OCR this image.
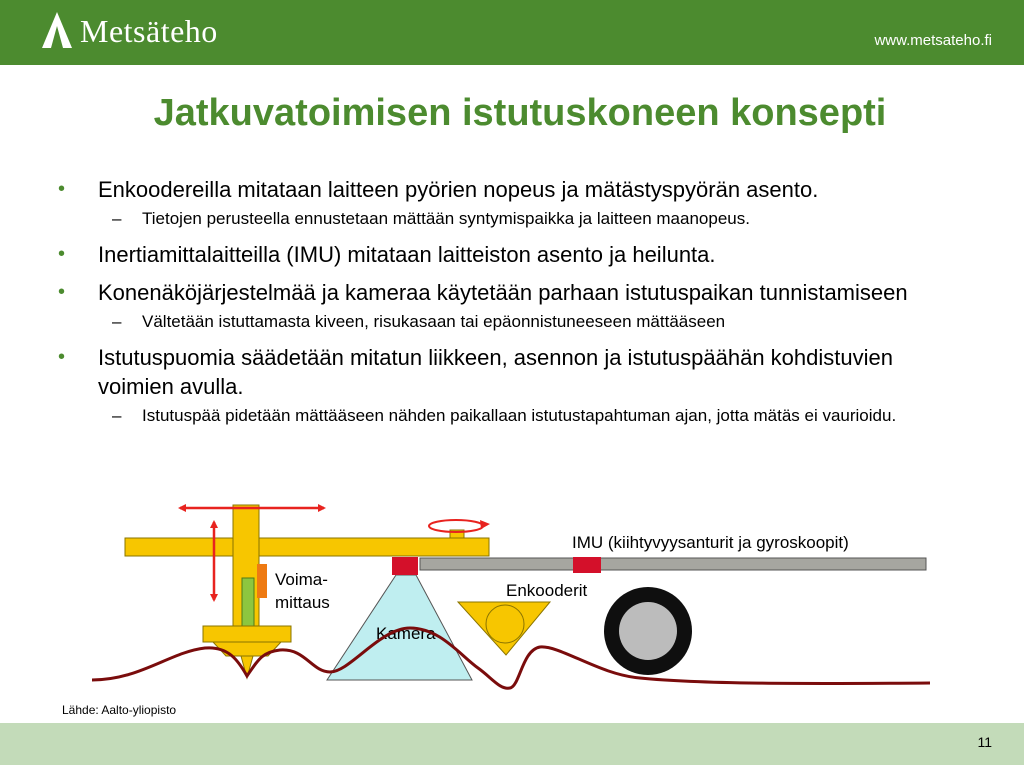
Metsäteho	www.metsateho.fi
Jatkuvatoimisen istutuskoneen konsepti
• Enkoodereilla mitataan laitteen pyörien nopeus ja mätästyspyörän asento.
– Tietojen perusteella ennustetaan mättään syntymispaikka ja laitteen maanopeus.
• Inertiamittalaitteilla (IMU) mitataan laitteiston asento ja heilunta.
• Konenäköjärjestelmää ja kameraa käytetään parhaan istutuspaikan tunnistamiseen
– Vältetään istuttamasta kiveen, risukasaan tai epäonnistuneeseen mättääseen
• Istutuspuomia säädetään mitatun liikkeen, asennon ja istutuspäähän kohdistuvien voimien avulla.
– Istutuspää pidetään mättääseen nähden paikallaan istutustapahtuman ajan, jotta mätäs ei vaurioidu.
Kamera
IMU (kiihtyvyysanturit ja gyroskoopit)
Enkooderit
Voima-
mittaus
Lähde: Aalto-yliopisto
11
